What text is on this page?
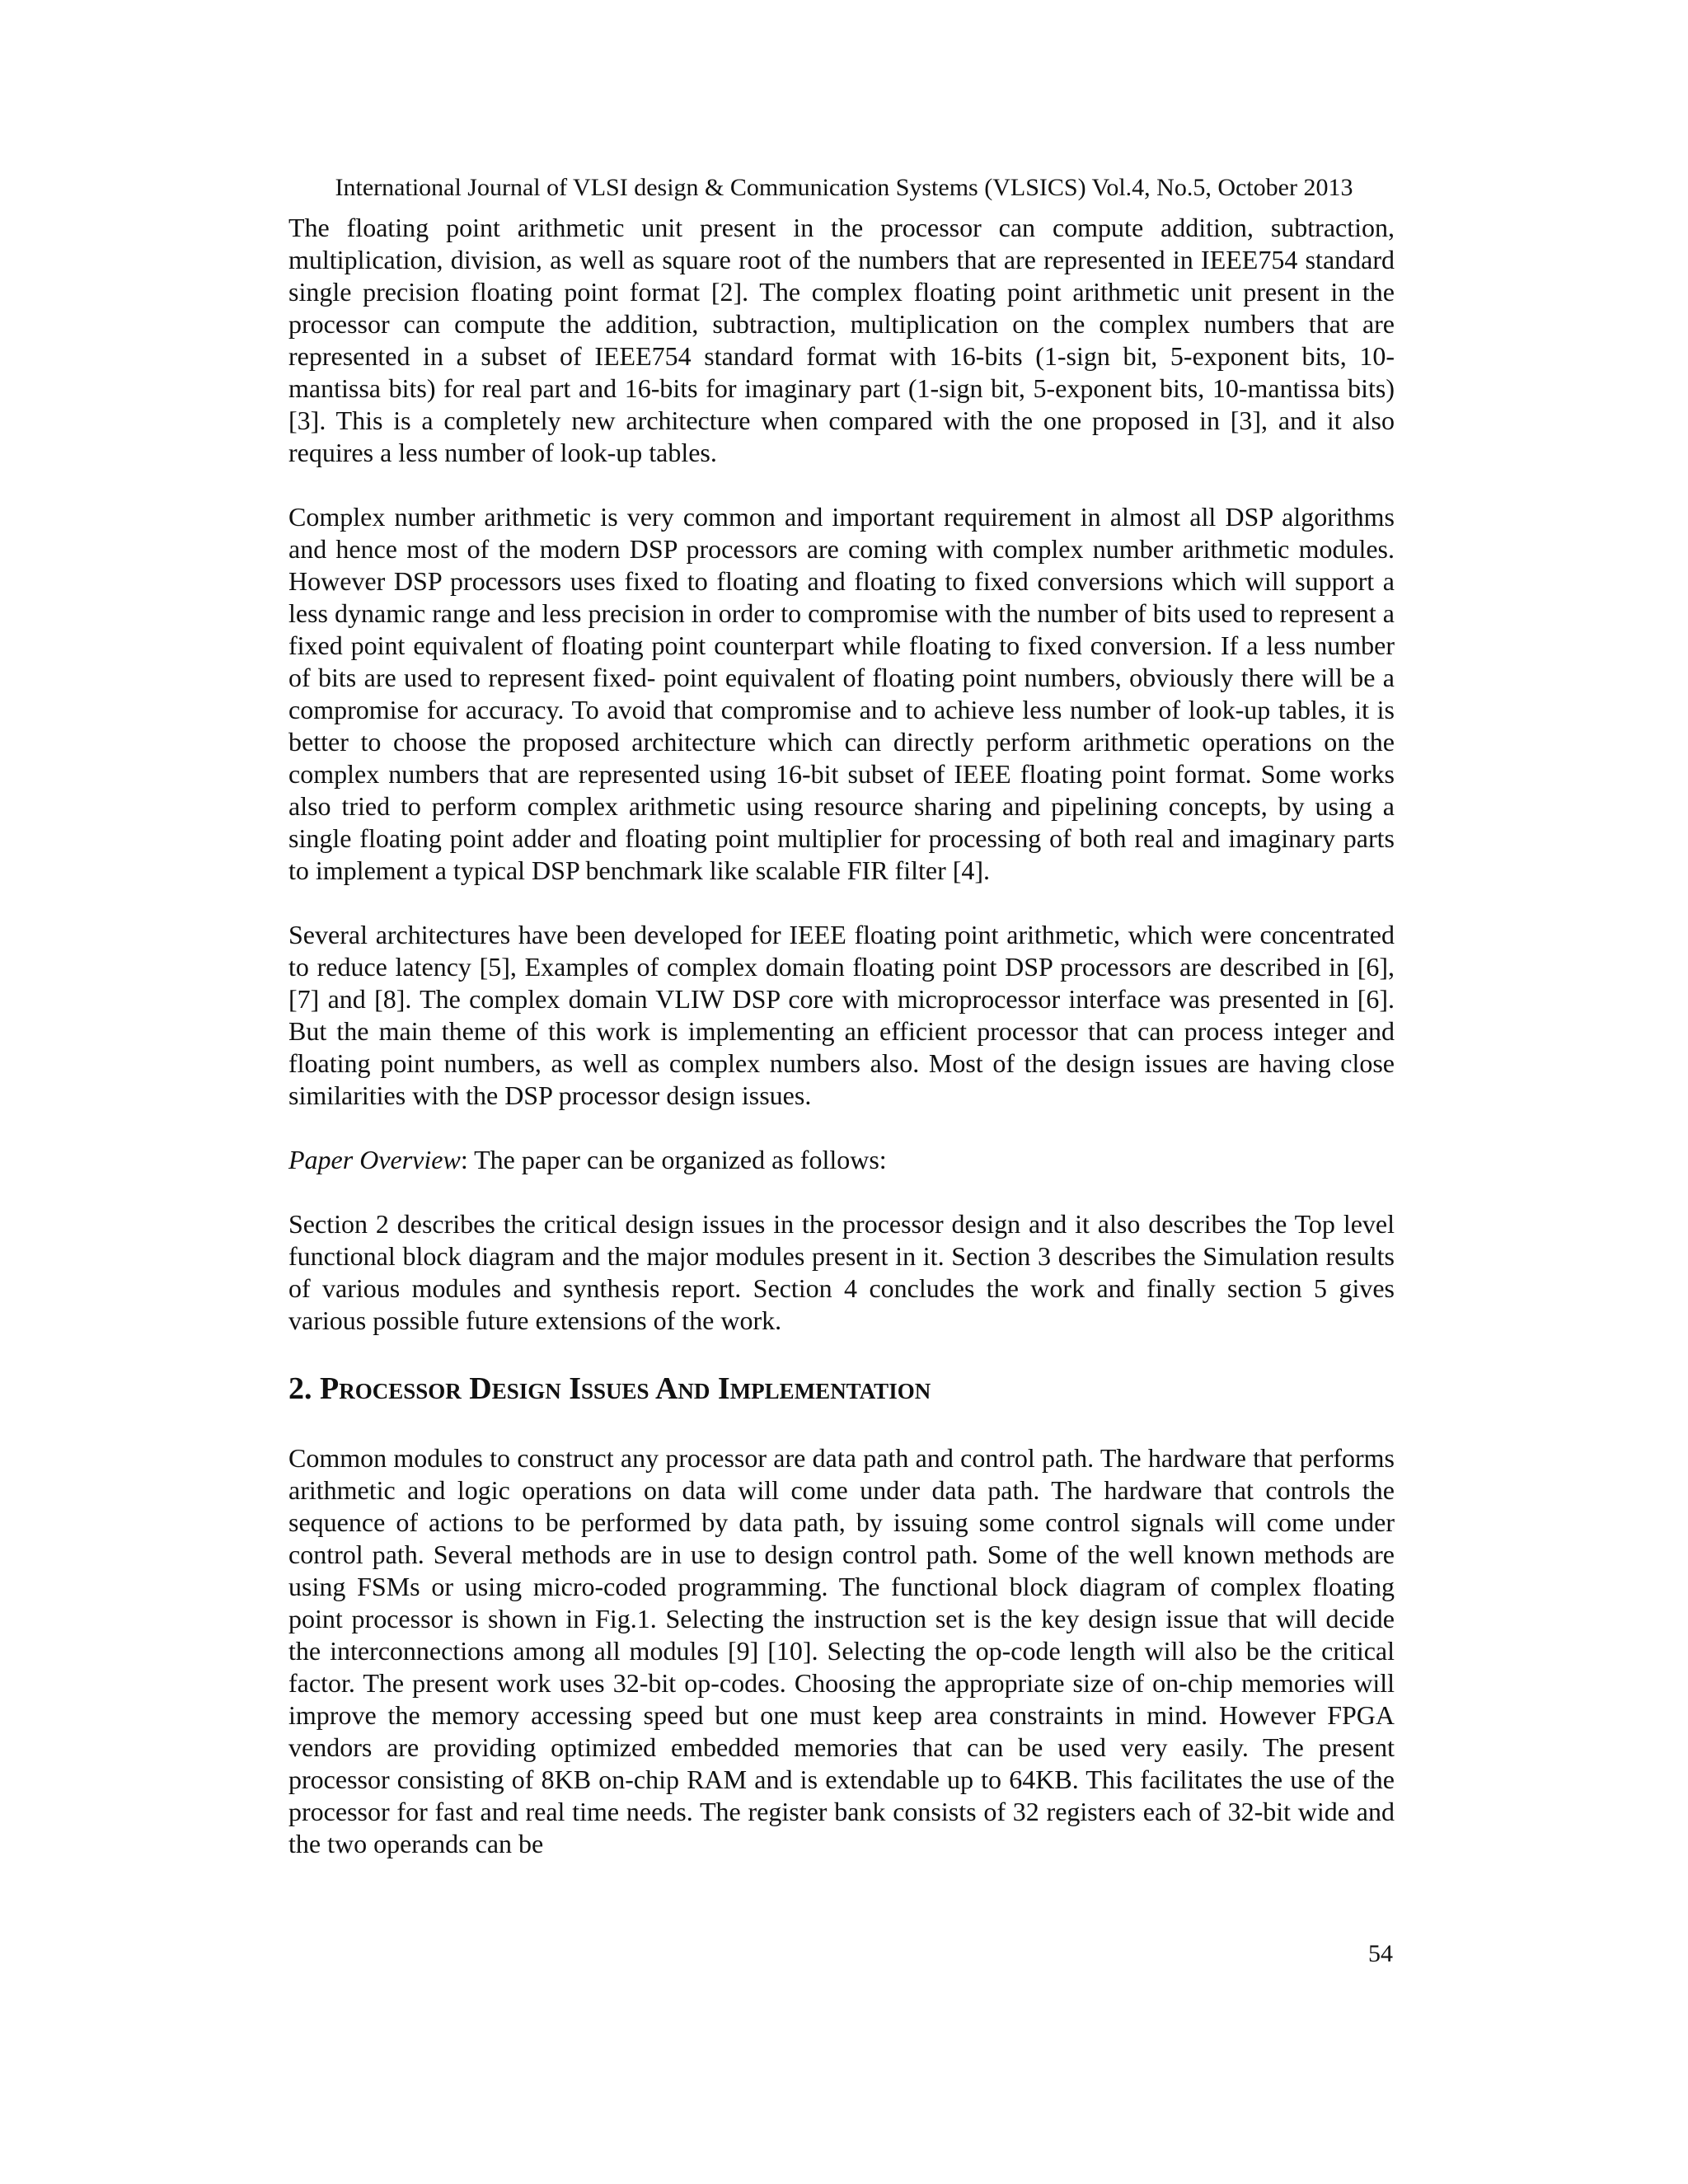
International Journal of VLSI design & Communication Systems (VLSICS) Vol.4, No.5, October 2013

The floating point arithmetic unit present in the processor can compute addition, subtraction, multiplication, division, as well as square root of the numbers that are represented in IEEE754 standard single precision floating point format [2]. The complex floating point arithmetic unit present in the processor can compute the addition, subtraction, multiplication on the complex numbers that are represented in a subset of IEEE754 standard format with 16-bits (1-sign bit, 5-exponent bits, 10-mantissa bits) for real part and 16-bits for imaginary part (1-sign bit, 5-exponent bits, 10-mantissa bits) [3]. This is a completely new architecture when compared with the one proposed in [3], and it also requires a less number of look-up tables.

Complex number arithmetic is very common and important requirement in almost all DSP algorithms and hence most of the modern DSP processors are coming with complex number arithmetic modules. However DSP processors uses fixed to floating and floating to fixed conversions which will support a less dynamic range and less precision in order to compromise with the number of bits used to represent a fixed point equivalent of floating point counterpart while floating to fixed conversion. If a less number of bits are used to represent fixed- point equivalent of floating point numbers, obviously there will be a compromise for accuracy. To avoid that compromise and to achieve less number of look-up tables, it is better to choose the proposed architecture which can directly perform arithmetic operations on the complex numbers that are represented using 16-bit subset of IEEE floating point format. Some works also tried to perform complex arithmetic using resource sharing and pipelining concepts, by using a single floating point adder and floating point multiplier for processing of both real and imaginary parts to implement a typical DSP benchmark like scalable FIR filter [4].

Several architectures have been developed for IEEE floating point arithmetic, which were concentrated to reduce latency [5], Examples of complex domain floating point DSP processors are described in [6], [7] and [8]. The complex domain VLIW DSP core with microprocessor interface was presented in [6]. But the main theme of this work is implementing an efficient processor that can process integer and floating point numbers, as well as complex numbers also. Most of the design issues are having close similarities with the DSP processor design issues.

Paper Overview: The paper can be organized as follows:

Section 2 describes the critical design issues in the processor design and it also describes the Top level functional block diagram and the major modules present in it. Section 3 describes the Simulation results of various modules and synthesis report. Section 4 concludes the work and finally section 5 gives various possible future extensions of the work.

2. Processor Design Issues And Implementation

Common modules to construct any processor are data path and control path. The hardware that performs arithmetic and logic operations on data will come under data path. The hardware that controls the sequence of actions to be performed by data path, by issuing some control signals will come under control path. Several methods are in use to design control path. Some of the well known methods are using FSMs or using micro-coded programming. The functional block diagram of complex floating point processor is shown in Fig.1. Selecting the instruction set is the key design issue that will decide the interconnections among all modules [9] [10]. Selecting the op-code length will also be the critical factor. The present work uses 32-bit op-codes. Choosing the appropriate size of on-chip memories will improve the memory accessing speed but one must keep area constraints in mind. However FPGA vendors are providing optimized embedded memories that can be used very easily. The present processor consisting of 8KB on-chip RAM and is extendable up to 64KB. This facilitates the use of the processor for fast and real time needs. The register bank consists of 32 registers each of 32-bit wide and the two operands can be

54
